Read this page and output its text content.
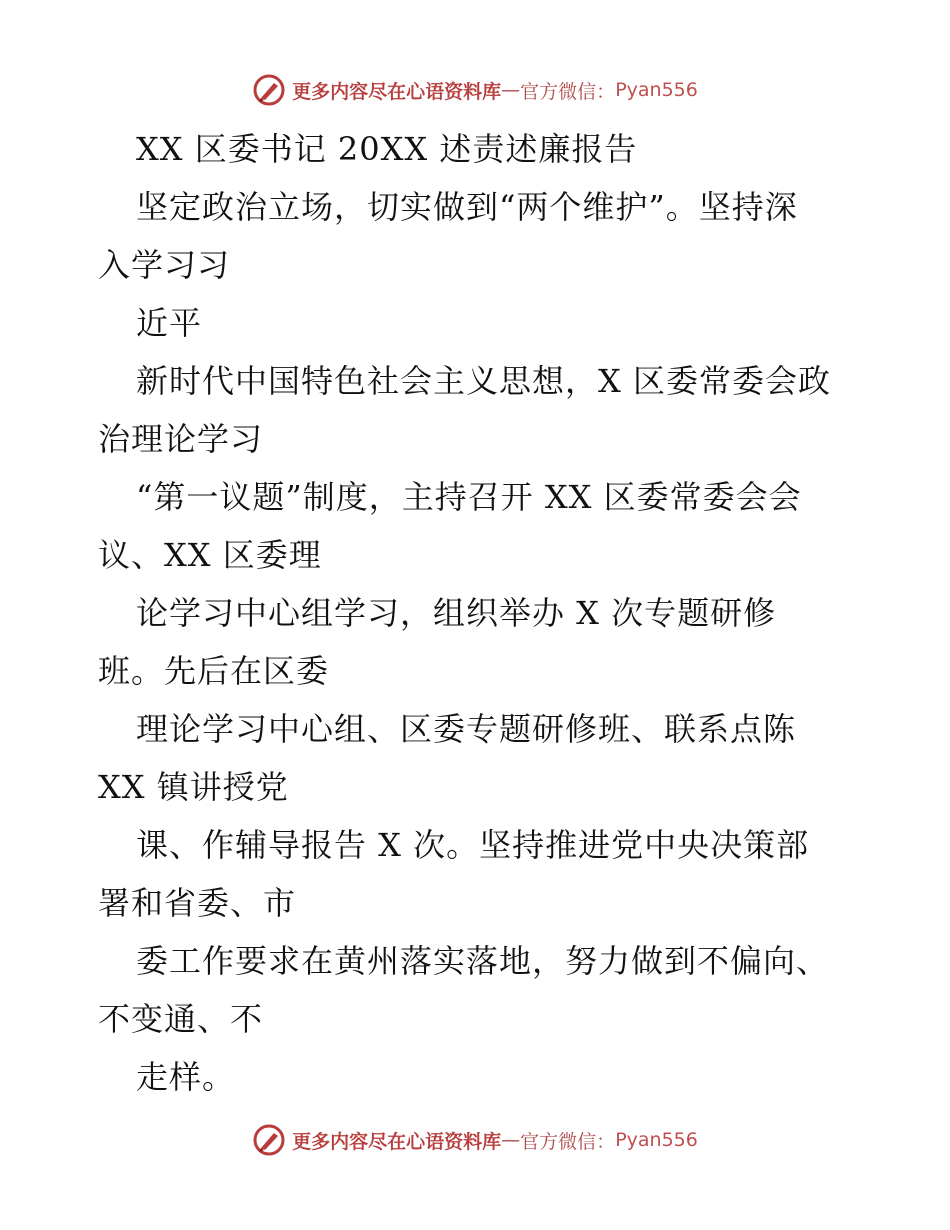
更多内容尽在心语资料库 — 官方微信： Pyan556
XX 区委书记 20XX 述责述廉报告
坚定政治立场，切实做到“两个维护”。坚持深
入学习习
近平
新时代中国特色社会主义思想，X 区委常委会政
治理论学习
“第一议题”制度，主持召开 XX 区委常委会会
议、XX 区委理
论学习中心组学习，组织举办 X 次专题研修
班。先后在区委
理论学习中心组、区委专题研修班、联系点陈
XX 镇讲授党
课、作辅导报告 X 次。坚持推进党中央决策部
署和省委、市
委工作要求在黄州落实落地，努力做到不偏向、
不变通、不
走样。
更多内容尽在心语资料库 — 官方微信： Pyan556
